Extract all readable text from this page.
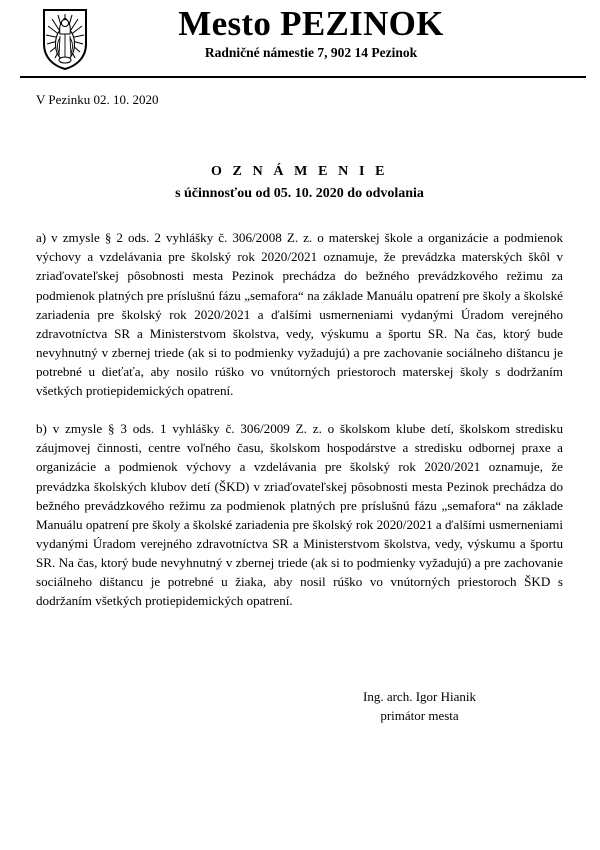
Mesto PEZINOK
Radničné námestie 7, 902 14 Pezinok
V Pezinku 02. 10. 2020
O Z N Á M E N I E
s účinnosťou od 05. 10. 2020 do odvolania

a) v zmysle § 2 ods. 2 vyhlášky č. 306/2008 Z. z. o materskej škole a organizácie a podmienok výchovy a vzdelávania pre školský rok 2020/2021 oznamuje, že prevádzka materských škôl v zriaďovateľskej pôsobnosti mesta Pezinok prechádza do bežného prevádzkového režimu za podmienok platných pre príslušnú fázu „semafora“ na základe Manuálu opatrení pre školy a školské zariadenia pre školský rok 2020/2021 a ďalšími usmerneniami vydanými Úradom verejného zdravotníctva SR a Ministerstvom školstva, vedy, výskumu a športu SR. Na čas, ktorý bude nevyhnutný v zbernej triede (ak si to podmienky vyžadujú) a pre zachovanie sociálneho dištancu je potrebné u dieťaťa, aby nosilo rúško vo vnútorných priestoroch materskej školy s dodržaním všetkých protiepidemických opatrení.

b) v zmysle § 3 ods. 1 vyhlášky č. 306/2009 Z. z. o školskom klube detí, školskom stredisku záujmovej činnosti, centre voľného času, školskom hospodárstve a stredisku odbornej praxe a organizácie a podmienok výchovy a vzdelávania pre školský rok 2020/2021 oznamuje, že prevádzka školských klubov detí (ŠKD) v zriaďovateľskej pôsobnosti mesta Pezinok prechádza do bežného prevádzkového režimu za podmienok platných pre príslušnú fázu „semafora“ na základe Manuálu opatrení pre školy a školské zariadenia pre školský rok 2020/2021 a ďalšími usmerneniami vydanými Úradom verejného zdravotníctva SR a Ministerstvom školstva, vedy, výskumu a športu SR. Na čas, ktorý bude nevyhnutný v zbernej triede (ak si to podmienky vyžadujú) a pre zachovanie sociálneho dištancu je potrebné u žiaka, aby nosil rúško vo vnútorných priestoroch ŠKD s dodržaním všetkých protiepidemických opatrení.

Ing. arch. Igor Hianik
primátor mesta
